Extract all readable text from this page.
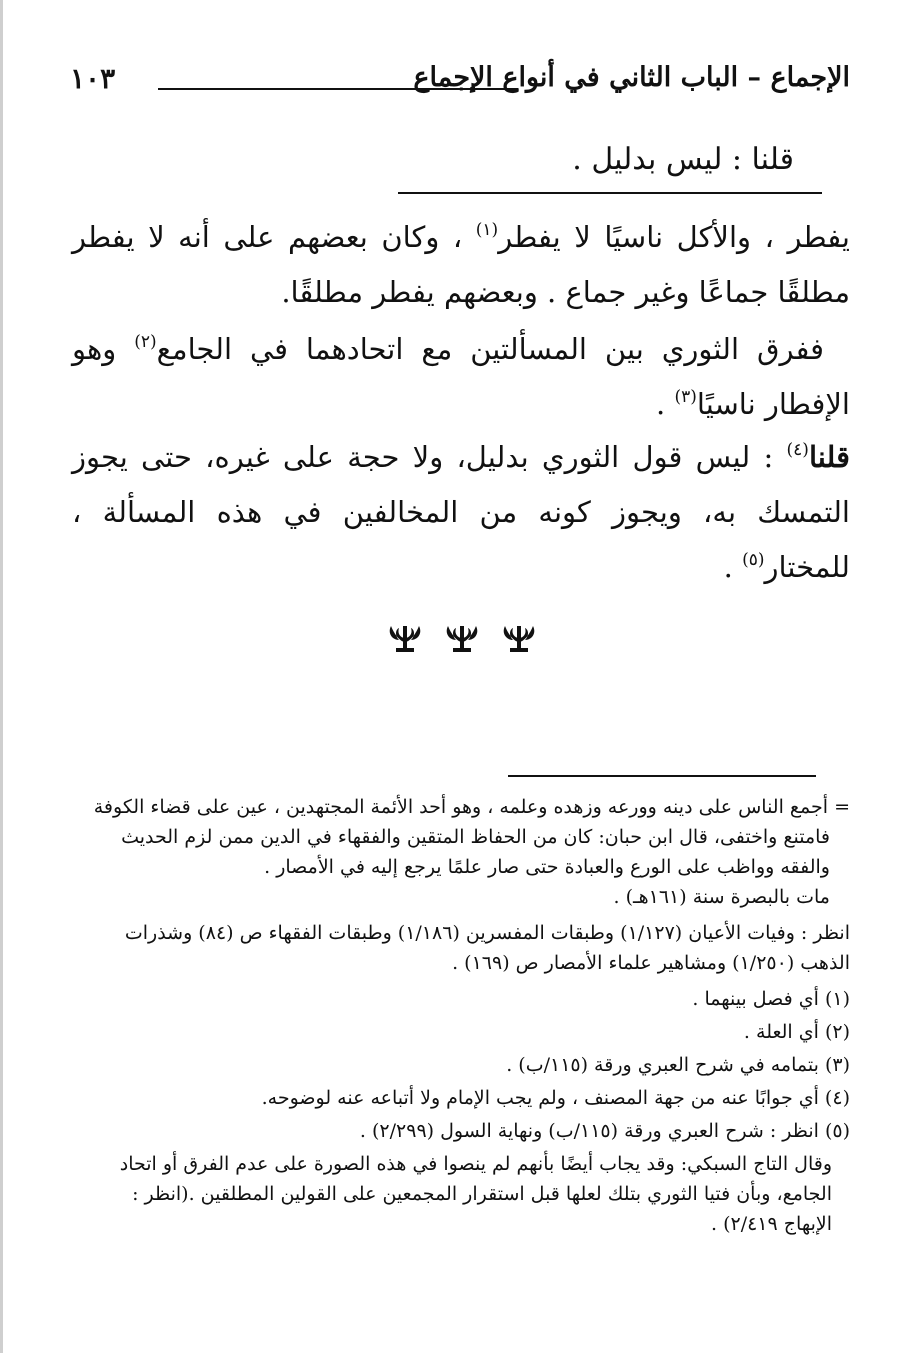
١٠٣	الإجماع – الباب الثاني في أنواع الإجماع
قلنا : ليس بدليل .
يفطر ، والأكل ناسيًا لا يفطر$^{(١)}$ ، وكان بعضهم على أنه لا يفطر مطلقًا جماعًا وغير جماع . وبعضهم يفطر مطلقًا.
ففرق الثوري بين المسألتين مع اتحادهما في الجامع$^{(٢)}$ وهو الإفطار ناسيًا$^{(٣)}$ .
قلنا$^{(٤)}$ : ليس قول الثوري بدليل، ولا حجة على غيره، حتى يجوز التمسك به، ويجوز كونه من المخالفين في هذه المسألة ، للمختار$^{(٥)}$ .

= أجمع الناس على دينه وورعه وزهده وعلمه ، وهو أحد الأئمة المجتهدين ، عين على قضاء الكوفة
فامتنع واختفى، قال ابن حبان: كان من الحفاظ المتقين والفقهاء في الدين ممن لزم الحديث والفقه وواظب على الورع والعبادة حتى صار علمًا يرجع إليه في الأمصار .
مات بالبصرة سنة (١٦١هـ) .
انظر : وفيات الأعيان (١/١٢٧) وطبقات المفسرين (١/١٨٦) وطبقات الفقهاء ص (٨٤) وشذرات الذهب (١/٢٥٠) ومشاهير علماء الأمصار ص (١٦٩) .
(١) أي فصل بينهما .
(٢) أي العلة .
(٣) بتمامه في شرح العبري ورقة (١١٥/ب) .
(٤) أي جوابًا عنه من جهة المصنف ، ولم يجب الإمام ولا أتباعه عنه لوضوحه.
(٥) انظر : شرح العبري ورقة (١١٥/ب) ونهاية السول (٢/٢٩٩) .
وقال التاج السبكي: وقد يجاب أيضًا بأنهم لم ينصوا في هذه الصورة على عدم الفرق أو اتحاد الجامع، وبأن فتيا الثوري بتلك لعلها قبل استقرار المجمعين على القولين المطلقين .(انظر : الإبهاج ٢/٤١٩) .
